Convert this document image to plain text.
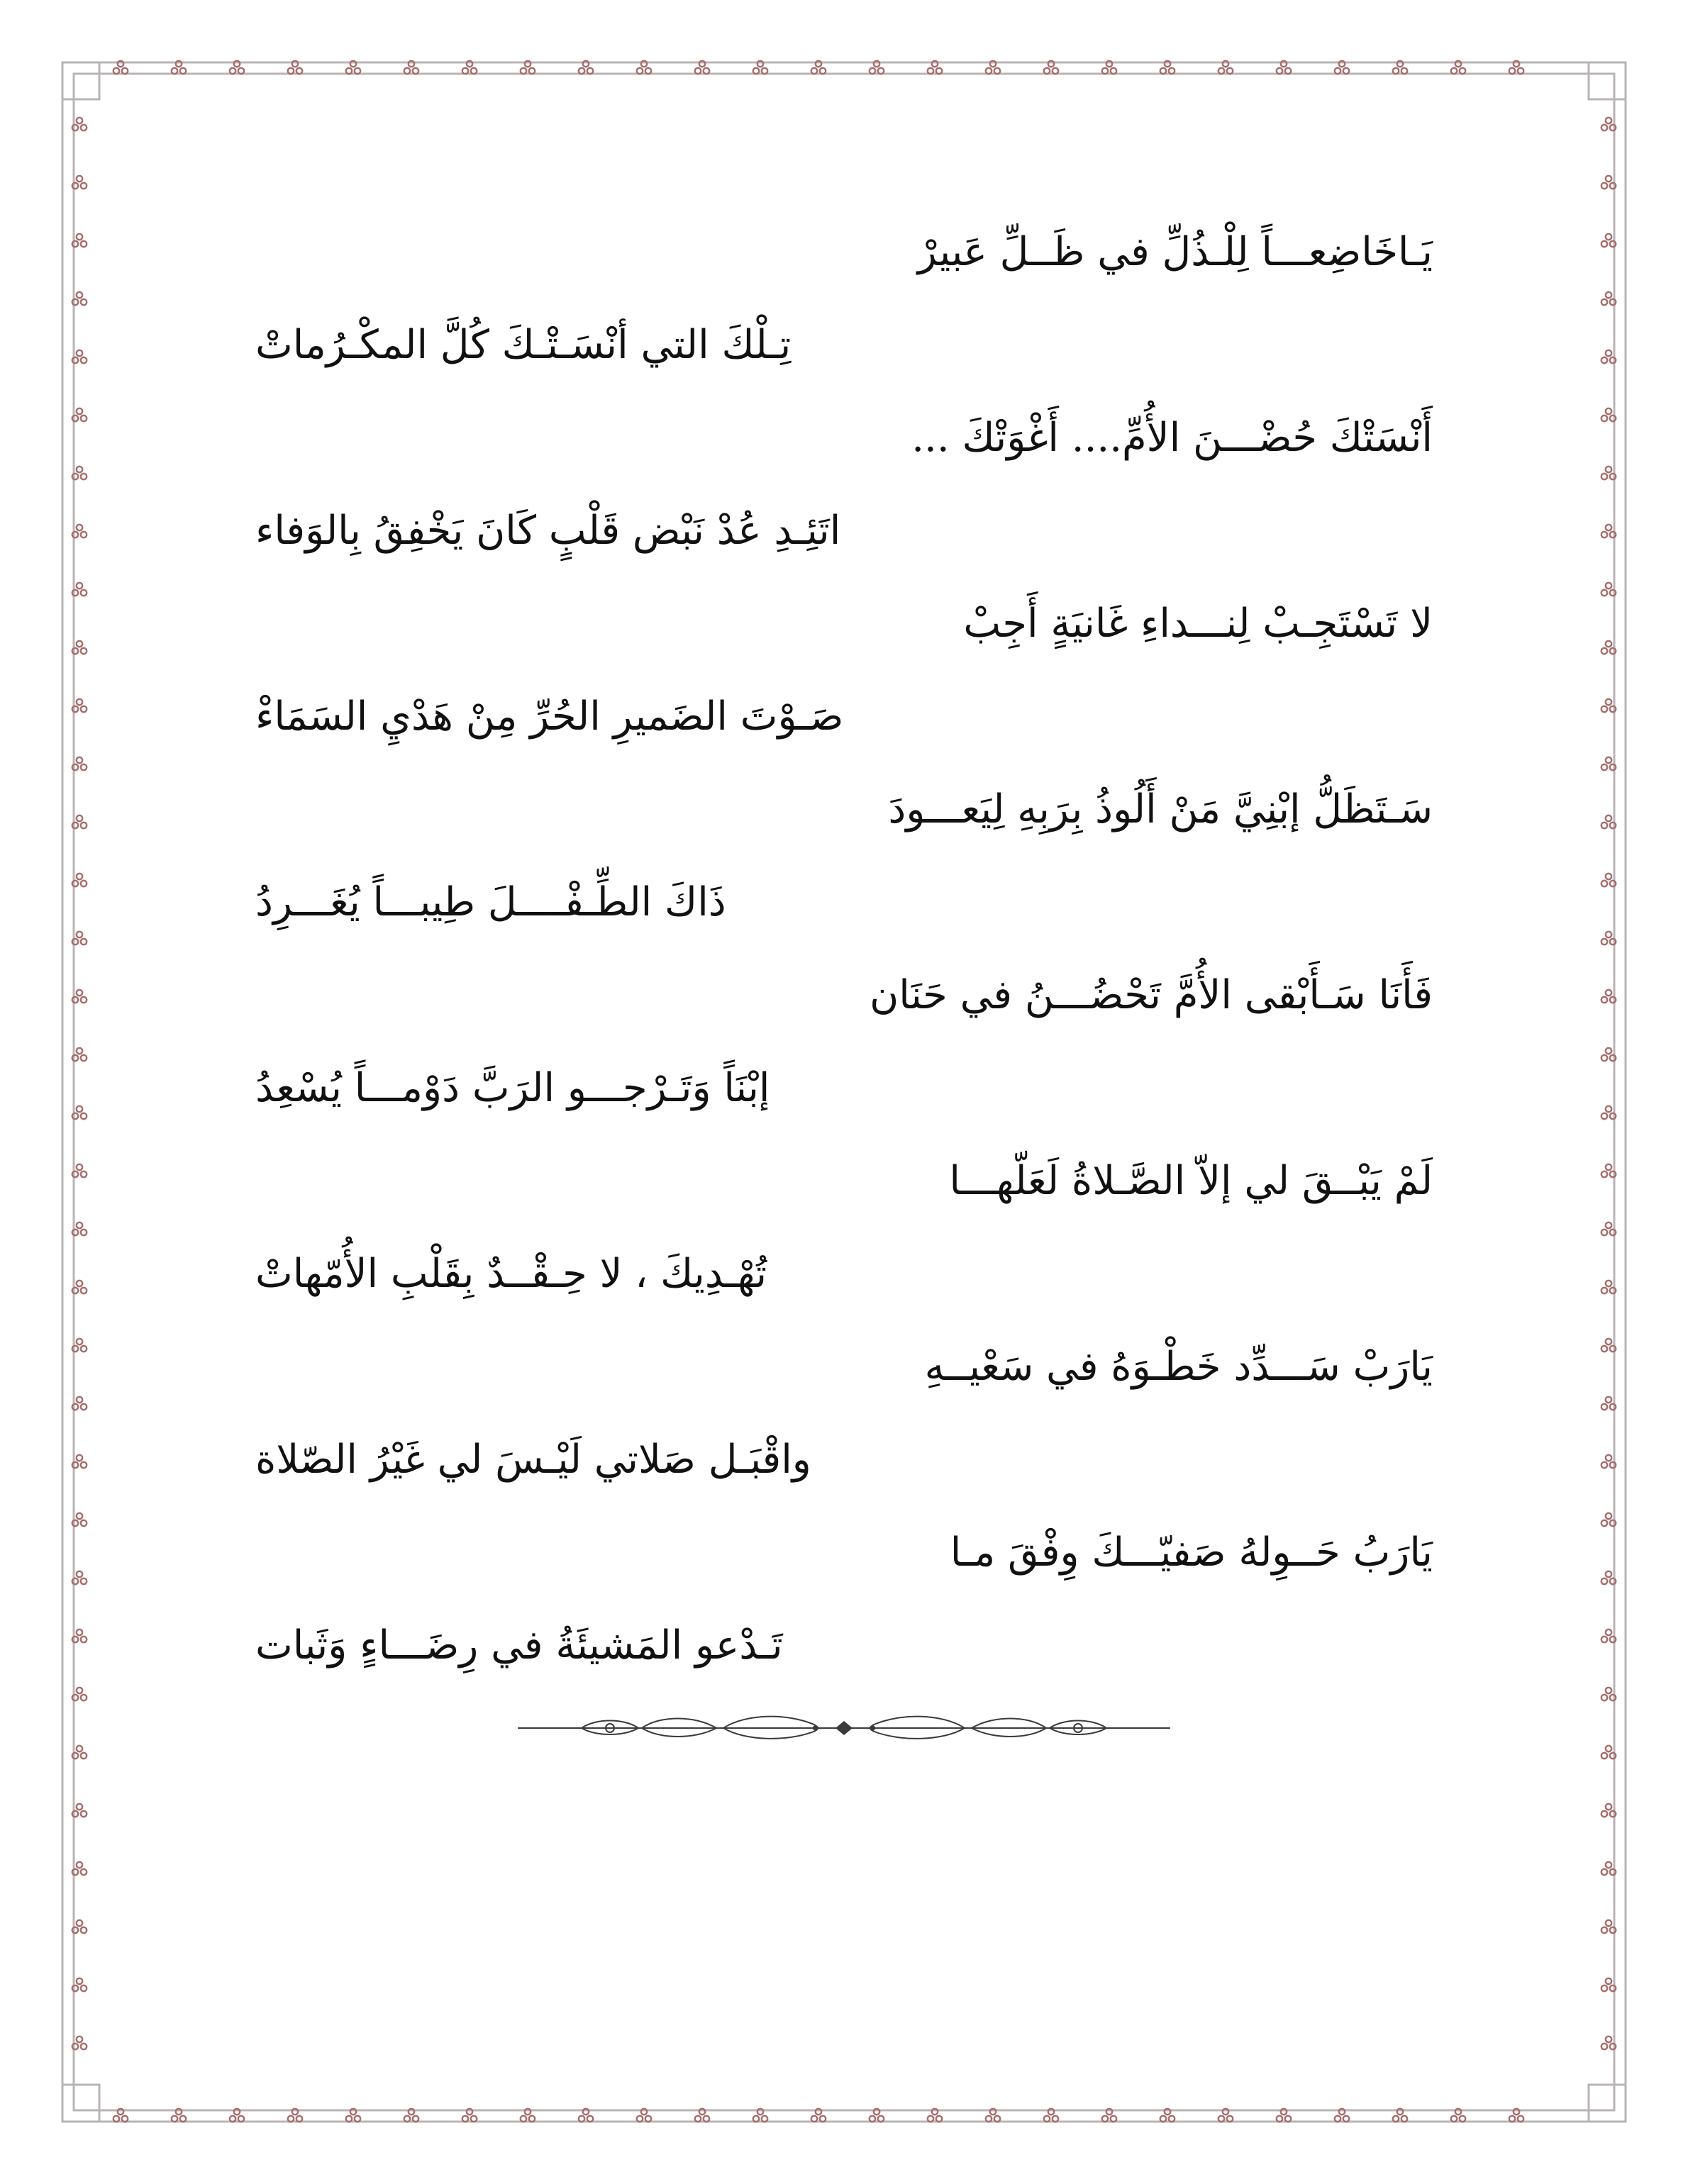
يَـاخَاضِعـــاً لِلْـذُلِّ في ظَــلِّ عَبيرْ
تِـلْكَ التي أنْسَـتْـكَ كُلَّ المكْـرُماتْ
أَنْسَتْكَ حُضْـــنَ الأُمِّ.... أَغْوَتْكَ ...
اتَئِـدِ عُدْ نَبْض قَلْبٍ كَانَ يَخْفِقُ بِالوَفاء
لا تَسْتَجِـبْ لِنـــداءِ غَانيَةٍ أَجِبْ
صَـوْتَ الضَميرِ الحُرِّ مِنْ هَدْيِ السَمَاءْ
سَـتَظَلُّ إبْنِيَّ مَنْ أَلُوذُ بِرَبِهِ لِيَعـــودَ
ذَاكَ الطِّـفْــــلَ طِيبـــاً يُغَـــرِدُ
فَأَنَا سَـأَبْقى الأُمَّ تَحْضُـــنُ في حَنَان
إبْنَاً وَتَـرْجـــو الرَبَّ دَوْمـــاً يُسْعِدُ
لَمْ يَبْــقَ لي إلاّ الصَّـلاةُ لَعَلّهـــا
تُهْـدِيكَ ، لا حِـقْــدٌ بِقَلْبِ الأُمّهاتْ
يَارَبْ سَـــدِّد خَطْـوَهُ في سَعْيــهِ
واقْبَـل صَلاتي لَيْـسَ لي غَيْرُ الصّلاة
يَارَبُ حَــوِلهُ صَفيّـــكَ وِفْقَ مـا
تَـدْعو المَشيئَةُ في رِضَـــاءٍ وَثَبات
